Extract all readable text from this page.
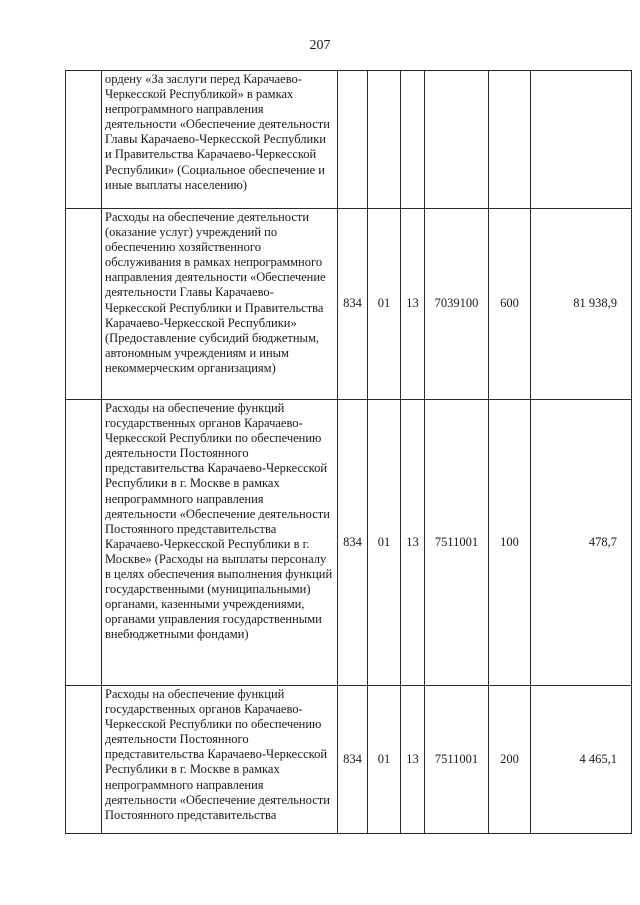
207

	ордену «За заслуги перед Карачаево-Черкесской Республикой» в рамках непрограммного направления деятельности «Обеспечение деятельности Главы Карачаево-Черкесской Республики и Правительства Карачаево-Черкесской Республики» (Социальное обеспечение и иные выплаты населению)						

	Расходы на обеспечение деятельности (оказание услуг) учреждений по обеспечению хозяйственного обслуживания в рамках непрограммного направления деятельности «Обеспечение деятельности Главы Карачаево-Черкесской Республики и Правительства Карачаево-Черкесской Республики» (Предоставление субсидий бюджетным, автономным учреждениям и иным некоммерческим организациям)	834	01	13	7039100	600	81 938,9
	Расходы на обеспечение функций государственных органов Карачаево-Черкесской Республики по обеспечению деятельности Постоянного представительства Карачаево-Черкесской Республики в г. Москве в рамках непрограммного направления деятельности «Обеспечение деятельности Постоянного представительства Карачаево-Черкесской Республики в г. Москве» (Расходы на выплаты персоналу в целях обеспечения выполнения функций государственными (муниципальными) органами, казенными учреждениями, органами управления государственными внебюджетными фондами)	834	01	13	7511001	100	478,7

	Расходы на обеспечение функций государственных органов Карачаево-Черкесской Республики по обеспечению деятельности Постоянного представительства Карачаево-Черкесской Республики в г. Москве в рамках непрограммного направления деятельности «Обеспечение деятельности Постоянного представительства	834	01	13	7511001	200	4 465,1
